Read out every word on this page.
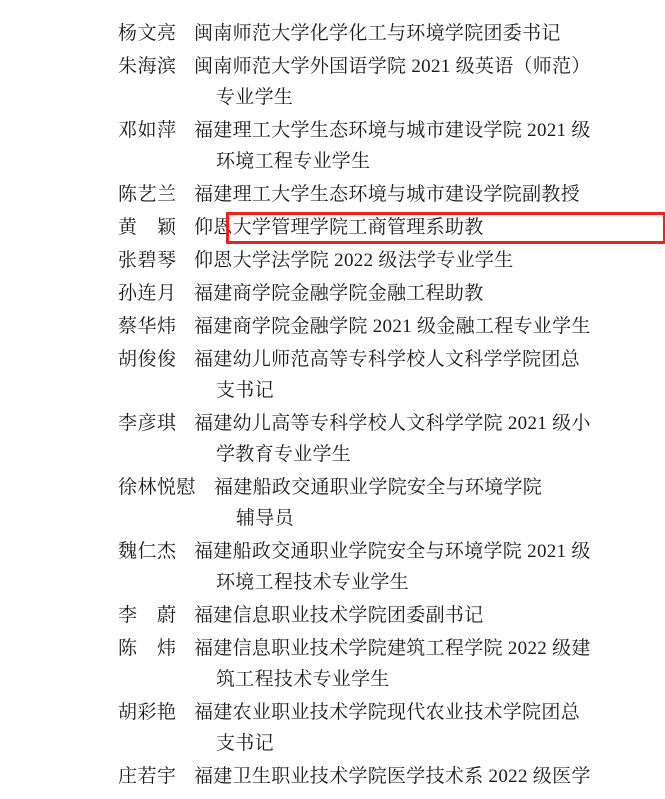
杨文亮 闽南师范大学化学化工与环境学院团委书记
朱海滨 闽南师范大学外国语学院 2021 级英语（师范）
专业学生
邓如萍 福建理工大学生态环境与城市建设学院 2021 级
环境工程专业学生
陈艺兰 福建理工大学生态环境与城市建设学院副教授
黄　颖 仰恩大学管理学院工商管理系助教
张碧琴 仰恩大学法学院 2022 级法学专业学生
孙连月 福建商学院金融学院金融工程助教
蔡华炜 福建商学院金融学院 2021 级金融工程专业学生
胡俊俊 福建幼儿师范高等专科学校人文科学学院团总
支书记
李彦琪 福建幼儿高等专科学校人文科学学院 2021 级小
学教育专业学生
徐林悦慰 福建船政交通职业学院安全与环境学院
辅导员
魏仁杰 福建船政交通职业学院安全与环境学院 2021 级
环境工程技术专业学生
李　蔚 福建信息职业技术学院团委副书记
陈　炜 福建信息职业技术学院建筑工程学院 2022 级建
筑工程技术专业学生
胡彩艳 福建农业职业技术学院现代农业技术学院团总
支书记
庄若宇 福建卫生职业技术学院医学技术系 2022 级医学
